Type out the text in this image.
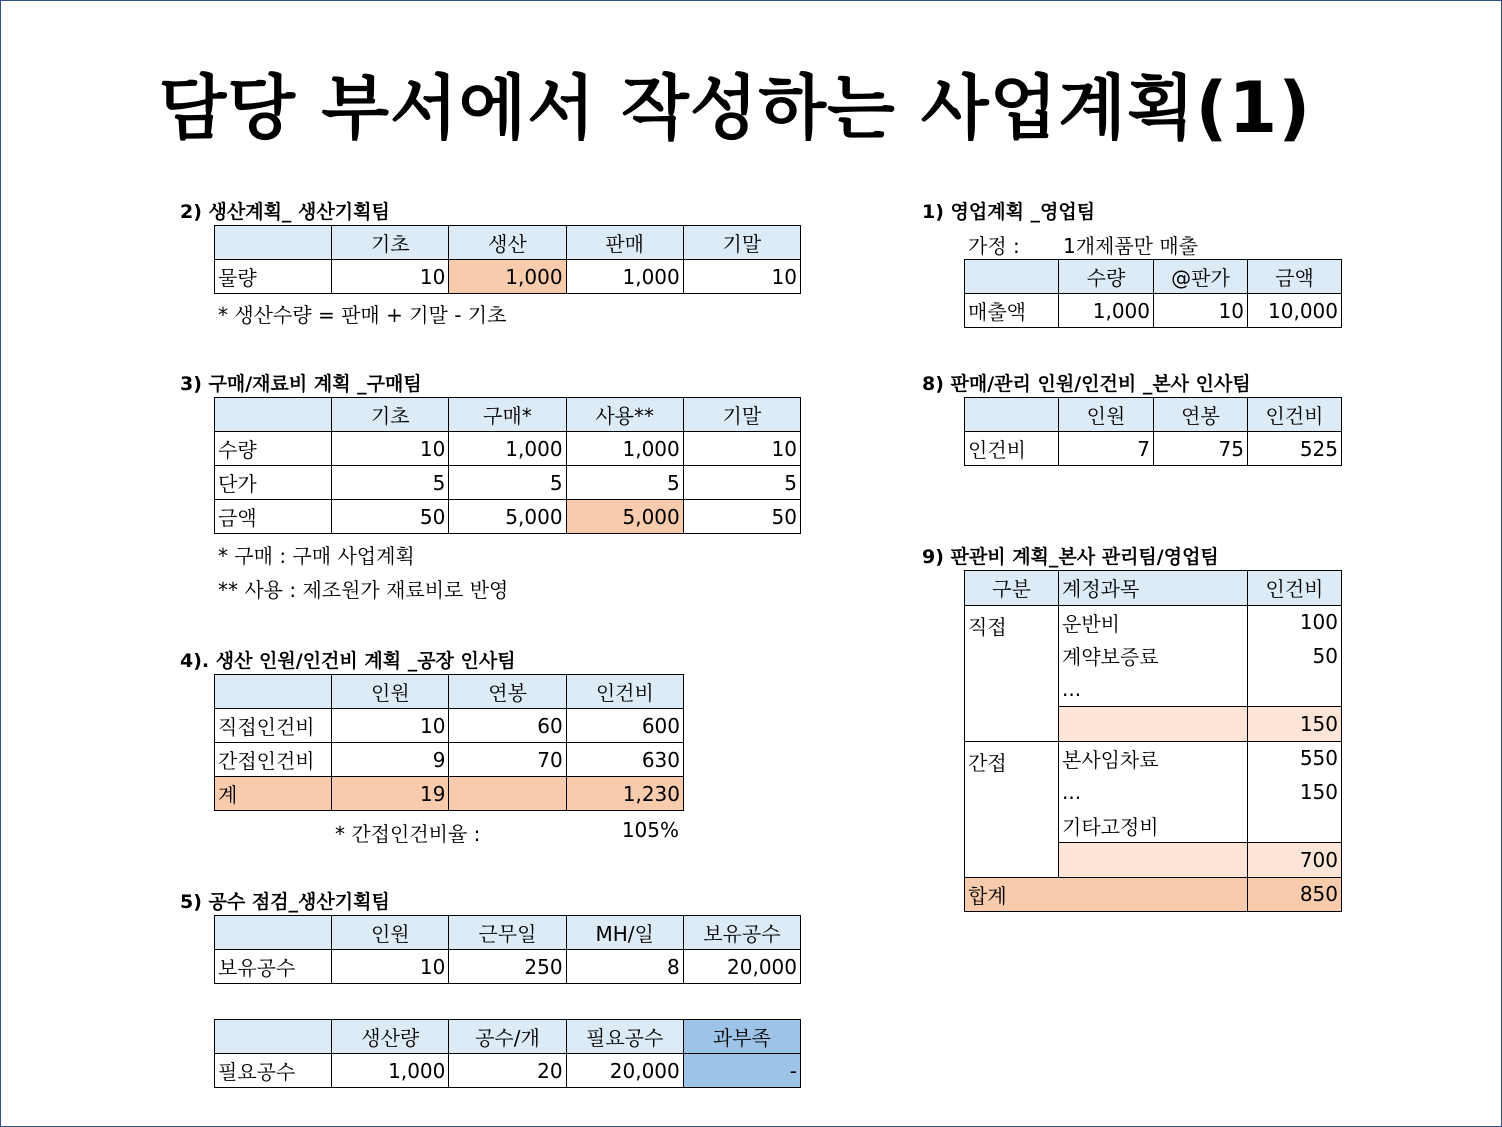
담당 부서에서 작성하는 사업계획(1)
2) 생산계획_ 생산기획팀
	기초	생산	판매	기말
물량	10	1,000	1,000	10
* 생산수량 = 판매 + 기말 - 기초
3) 구매/재료비 계획 _구매팀
	기초	구매*	사용**	기말
수량	10	1,000	1,000	10
단가	5	5	5	5
금액	50	5,000	5,000	50
* 구매 : 구매 사업계획
** 사용 : 제조원가 재료비로 반영
4). 생산 인원/인건비 계획 _공장 인사팀
	인원	연봉	인건비
직접인건비	10	60	600
간접인건비	9	70	630
계	19		1,230
* 간접인건비율 :	105%
5) 공수 점검_생산기획팀
	인원	근무일	MH/일	보유공수
보유공수	10	250	8	20,000
	생산량	공수/개	필요공수	과부족
필요공수	1,000	20	20,000	-
1) 영업계획 _영업팀
가정 : 1개제품만 매출
	수량	@판가	금액
매출액	1,000	10	10,000
8) 판매/관리 인원/인건비 _본사 인사팀
	인원	연봉	인건비
인건비	7	75	525
9) 판관비 계획_본사 관리팀/영업팀
구분	계정과목	인건비
직접	운반비	100
	계약보증료	50
	...	
		150
간접	본사임차료	550
	...	150
	기타고정비	
		700
합계		850
